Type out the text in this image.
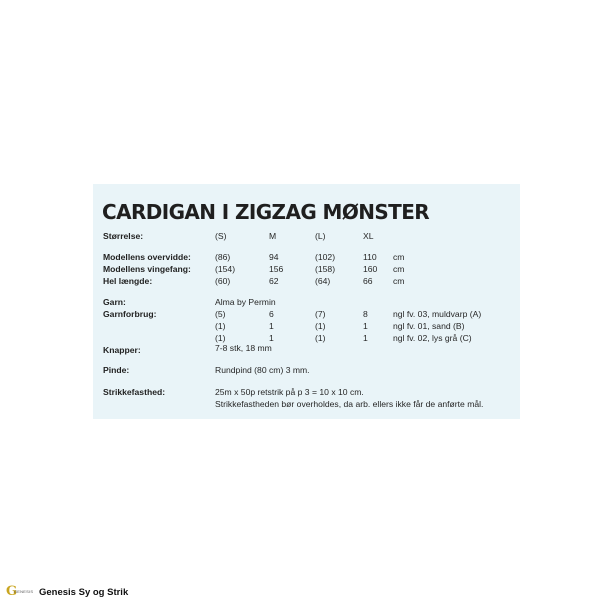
CARDIGAN I ZIGZAG MØNSTER
Størrelse:	(S)	M	(L)	XL
Modellens overvidde:	(86)	94	(102)	110 cm
Modellens vingefang:	(154)	156	(158)	160 cm
Hel længde:	(60)	62	(64)	66 cm
Garn:	Alma by Permin
Garnforbrug:	(5)	6	(7)	8	ngl fv. 03, muldvarp (A)
(1)	1	(1)	1	ngl fv. 01, sand (B)
(1)	1	(1)	1	ngl fv. 02, lys grå (C)
Knapper:	7-8 stk, 18 mm
Pinde:	Rundpind (80 cm) 3 mm.
Strikkefasthed:	25m x 50p retstrik på p 3 = 10 x 10 cm.
Strikkefastheden bør overholdes, da arb. ellers ikke får de anførte mål.
G
GENESIS Genesis Sy og Strik
